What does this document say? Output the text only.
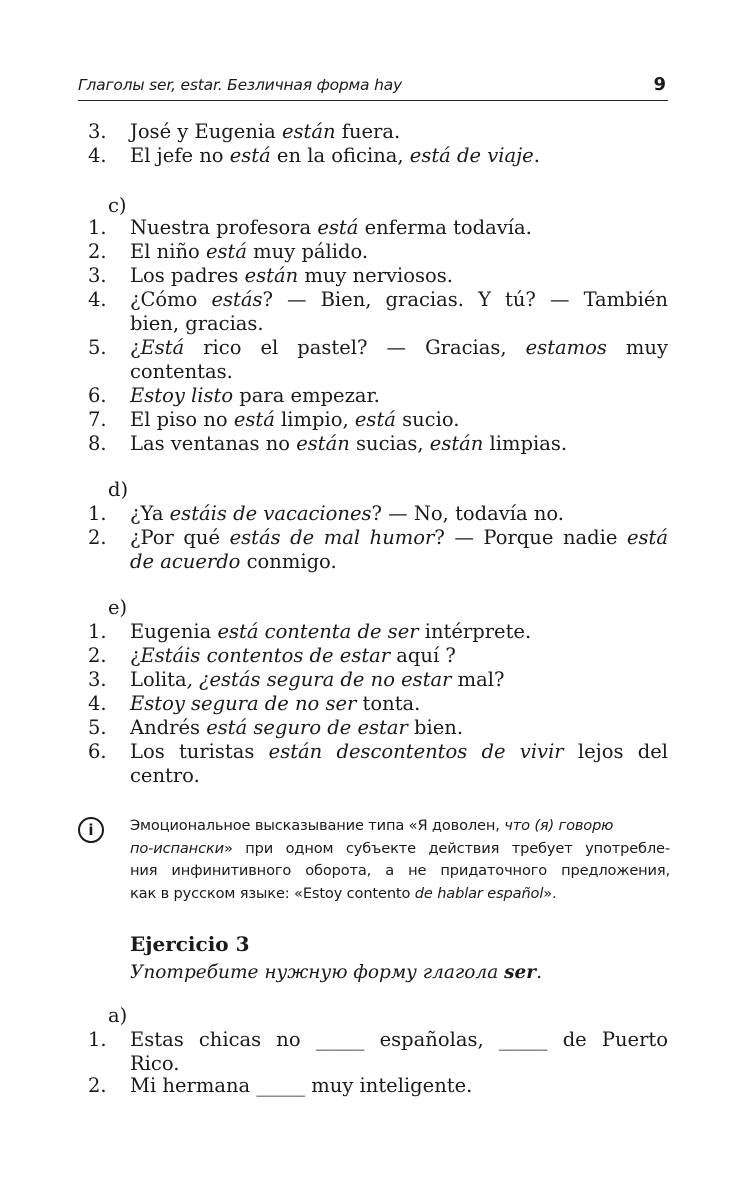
Глаголы ser, estar. Безличная форма hay	9
3. José y Eugenia están fuera.
4. El jefe no está en la oficina, está de viaje.
c)
1. Nuestra profesora está enferma todavía.
2. El niño está muy pálido.
3. Los padres están muy nerviosos.
4. ¿Cómo estás? — Bien, gracias. Y tú? — También
bien, gracias.
5. ¿Está rico el pastel? — Gracias, estamos muy
contentas.
6. Estoy listo para empezar.
7. El piso no está limpio, está sucio.
8. Las ventanas no están sucias, están limpias.
d)
1. ¿Ya estáis de vacaciones? — No, todavía no.
2. ¿Por qué estás de mal humor? — Porque nadie está
de acuerdo conmigo.
e)
1. Eugenia está contenta de ser intérprete.
2. ¿Estáis contentos de estar aquí ?
3. Lolita, ¿estás segura de no estar mal?
4. Estoy segura de no ser tonta.
5. Andrés está seguro de estar bien.
6. Los turistas están descontentos de vivir lejos del
centro.
i	Эмоциональное высказывание типа «Я доволен, что (я) говорю
по-испански» при одном субъекте действия требует употребле-
ния инфинитивного оборота, а не придаточного предложения,
как в русском языке: «Estoy contento de hablar español».
Ejercicio 3
Употребите нужную форму глагола ser.
a)
1. Estas chicas no _____ españolas, _____ de Puerto
Rico.
2. Mi hermana _____ muy inteligente.
